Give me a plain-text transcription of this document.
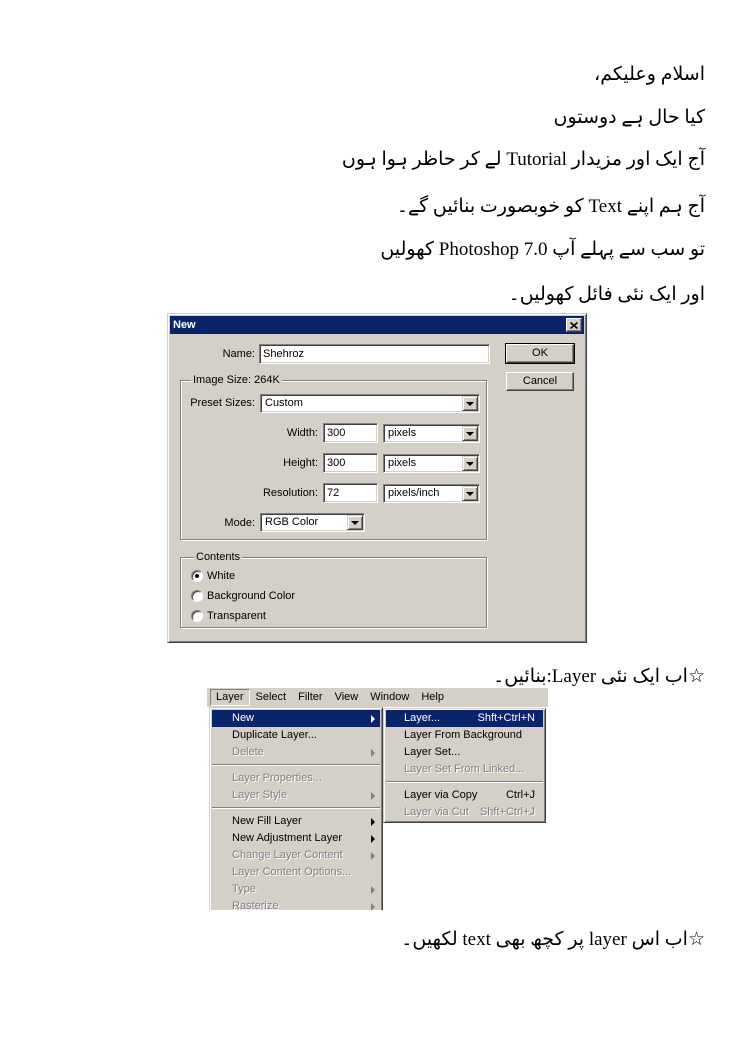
اسلام وعلیکم،
کیا حال ہے دوستوں
آج ایک اور مزیدار Tutorial لے کر حاظر ہوا ہوں
آج ہم اپنے Text کو خوبصورت بنائیں گے۔
تو سب سے پہلے آپ Photoshop 7.0 کھولیں
اور ایک نئی فائل کھولیں۔
New
Name:
Shehroz	OK
Cancel
Image Size: 264K
Preset Sizes: Custom
Width:
300	pixels
Height:
300	pixels
Resolution:
72	pixels/inch
Mode: RGB Color
Contents
White
Background Color
Transparent
☆اب ایک نئی Layer:بنائیں۔
Layer	Select	Filter	View	Window	Help
New
Duplicate Layer...
Delete
Layer Properties...
Layer Style
New Fill Layer
New Adjustment Layer
Change Layer Content
Layer Content Options...
Type
Rasterize
Layer...	Shft+Ctrl+N
Layer From Background
Layer Set...
Layer Set From Linked...
Layer via Copy	Ctrl+J
Layer via Cut Shft+Ctrl+J
☆اب اس layer پر کچھ بھی text لکھیں۔
